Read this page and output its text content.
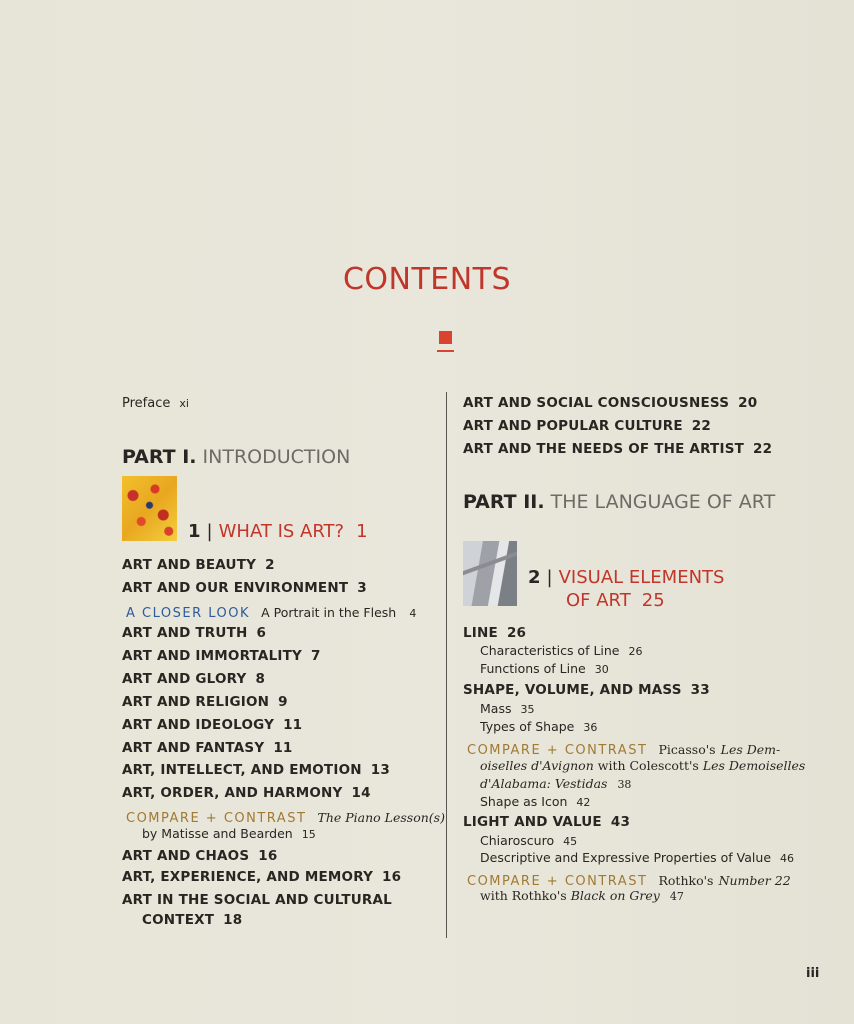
CONTENTS
Preface xi
PART I. INTRODUCTION
1 | WHAT IS ART? 1
ART AND BEAUTY 2
ART AND OUR ENVIRONMENT 3
A CLOSER LOOK A Portrait in the Flesh 4
ART AND TRUTH 6
ART AND IMMORTALITY 7
ART AND GLORY 8
ART AND RELIGION 9
ART AND IDEOLOGY 11
ART AND FANTASY 11
ART, INTELLECT, AND EMOTION 13
ART, ORDER, AND HARMONY 14
COMPARE + CONTRAST The Piano Lesson(s)
by Matisse and Bearden 15
ART AND CHAOS 16
ART, EXPERIENCE, AND MEMORY 16
ART IN THE SOCIAL AND CULTURAL
CONTEXT 18
ART AND SOCIAL CONSCIOUSNESS 20
ART AND POPULAR CULTURE 22
ART AND THE NEEDS OF THE ARTIST 22
PART II. THE LANGUAGE OF ART
2 | VISUAL ELEMENTS
OF ART 25
LINE 26
Characteristics of Line 26
Functions of Line 30
SHAPE, VOLUME, AND MASS 33
Mass 35
Types of Shape 36
COMPARE + CONTRAST Picasso's Les Dem-
oiselles d'Avignon with Colescott's Les Demoiselles
d'Alabama: Vestidas 38
Shape as Icon 42
LIGHT AND VALUE 43
Chiaroscuro 45
Descriptive and Expressive Properties of Value 46
COMPARE + CONTRAST Rothko's Number 22
with Rothko's Black on Grey 47
iii
